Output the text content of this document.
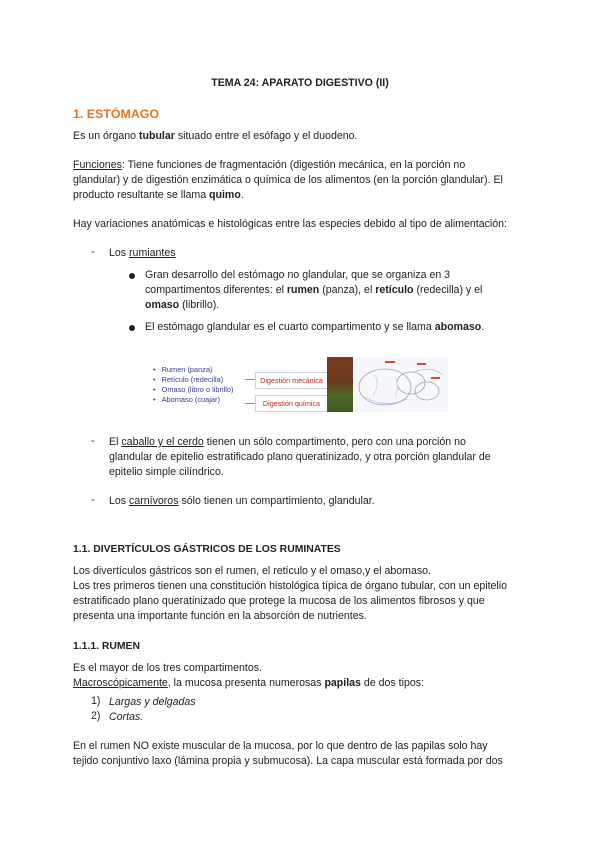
TEMA 24: APARATO DIGESTIVO (II)
1. ESTÓMAGO
Es un órgano tubular situado entre el esófago y el duodeno.
Funciones: Tiene funciones de fragmentación (digestión mecánica, en la porción no
glandular) y de digestión enzimática o química de los alimentos (en la porción glandular). El
producto resultante se llama quimo.
Hay variaciones anatómicas e histológicas entre las especies debido al tipo de alimentación:
- Los rumiantes
Gran desarrollo del estómago no glandular, que se organiza en 3
compartimentos diferentes: el rumen (panza), el retículo (redecilla) y el
omaso (librillo).
El estómago glandular es el cuarto compartimento y se llama abomaso.
• Rumen (panza)
• Retículo (redecilla)
• Omaso (libro o librillo)
• Abomaso (cuajar)
Digestión mecánica
Digestión química
- El caballo y el cerdo tienen un sólo compartimento, pero con una porción no
glandular de epitelio estratificado plano queratinizado, y otra porción glandular de
epitelio simple cilíndrico.
- Los carnívoros sólo tienen un compartimiento, glandular.
1.1. DIVERTÍCULOS GÁSTRICOS DE LOS RUMINATES
Los divertículos gástricos son el rumen, el retículo y el omaso,y el abomaso.
Los tres primeros tienen una constitución histológica típica de órgano tubular, con un epitelio
estratificado plano queratinizado que protege la mucosa de los alimentos fibrosos y que
presenta una importante función en la absorción de nutrientes.
1.1.1. RUMEN
Es el mayor de los tres compartimentos.
Macroscópicamente, la mucosa presenta numerosas papilas de dos tipos:
1) Largas y delgadas
2) Cortas.
En el rumen NO existe muscular de la mucosa, por lo que dentro de las papilas solo hay
tejido conjuntivo laxo (lámina propia y submucosa). La capa muscular está formada por dos
